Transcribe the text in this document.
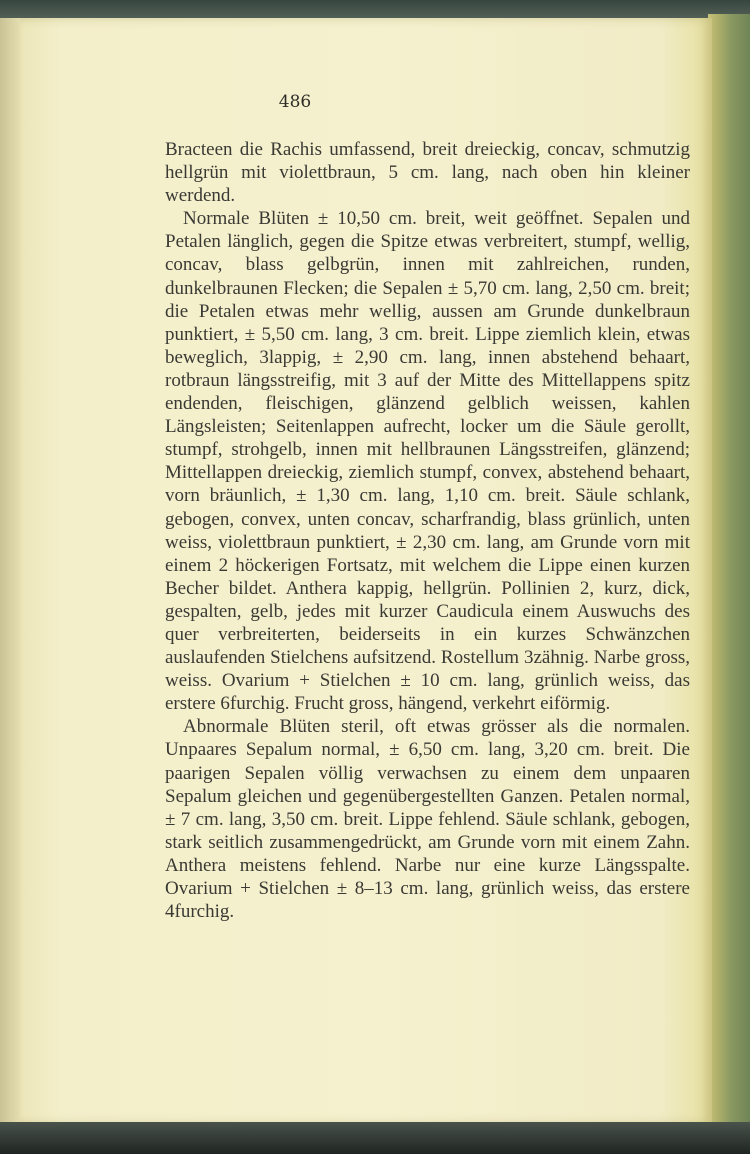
486

Bracteen die Rachis umfassend, breit dreieckig, concav, schmutzig hellgrün mit violettbraun, 5 cm. lang, nach oben hin kleiner werdend.

Normale Blüten ± 10,50 cm. breit, weit geöffnet. Sepalen und Petalen länglich, gegen die Spitze etwas verbreitert, stumpf, wellig, concav, blass gelbgrün, innen mit zahlreichen, runden, dunkelbraunen Flecken; die Sepalen ± 5,70 cm. lang, 2,50 cm. breit; die Petalen etwas mehr wellig, aussen am Grunde dunkelbraun punktiert, ± 5,50 cm. lang, 3 cm. breit. Lippe ziemlich klein, etwas beweglich, 3lappig, ± 2,90 cm. lang, innen abstehend behaart, rotbraun längsstreifig, mit 3 auf der Mitte des Mittellappens spitz endenden, fleischigen, glänzend gelblich weissen, kahlen Längsleisten; Seitenlappen aufrecht, locker um die Säule gerollt, stumpf, strohgelb, innen mit hellbraunen Längsstreifen, glänzend; Mittellappen dreieckig, ziemlich stumpf, convex, abstehend behaart, vorn bräunlich, ± 1,30 cm. lang, 1,10 cm. breit. Säule schlank, gebogen, convex, unten concav, scharfrandig, blass grünlich, unten weiss, violettbraun punktiert, ± 2,30 cm. lang, am Grunde vorn mit einem 2 höckerigen Fortsatz, mit welchem die Lippe einen kurzen Becher bildet. Anthera kappig, hellgrün. Pollinien 2, kurz, dick, gespalten, gelb, jedes mit kurzer Caudicula einem Auswuchs des quer verbreiterten, beiderseits in ein kurzes Schwänzchen auslaufenden Stielchens aufsitzend. Rostellum 3zähnig. Narbe gross, weiss. Ovarium + Stielchen ± 10 cm. lang, grünlich weiss, das erstere 6furchig. Frucht gross, hängend, verkehrt eiförmig.

Abnormale Blüten steril, oft etwas grösser als die normalen. Unpaares Sepalum normal, ± 6,50 cm. lang, 3,20 cm. breit. Die paarigen Sepalen völlig verwachsen zu einem dem unpaaren Sepalum gleichen und gegenübergestellten Ganzen. Petalen normal, ± 7 cm. lang, 3,50 cm. breit. Lippe fehlend. Säule schlank, gebogen, stark seitlich zusammengedrückt, am Grunde vorn mit einem Zahn. Anthera meistens fehlend. Narbe nur eine kurze Längsspalte. Ovarium + Stielchen ± 8–13 cm. lang, grünlich weiss, das erstere 4furchig.
